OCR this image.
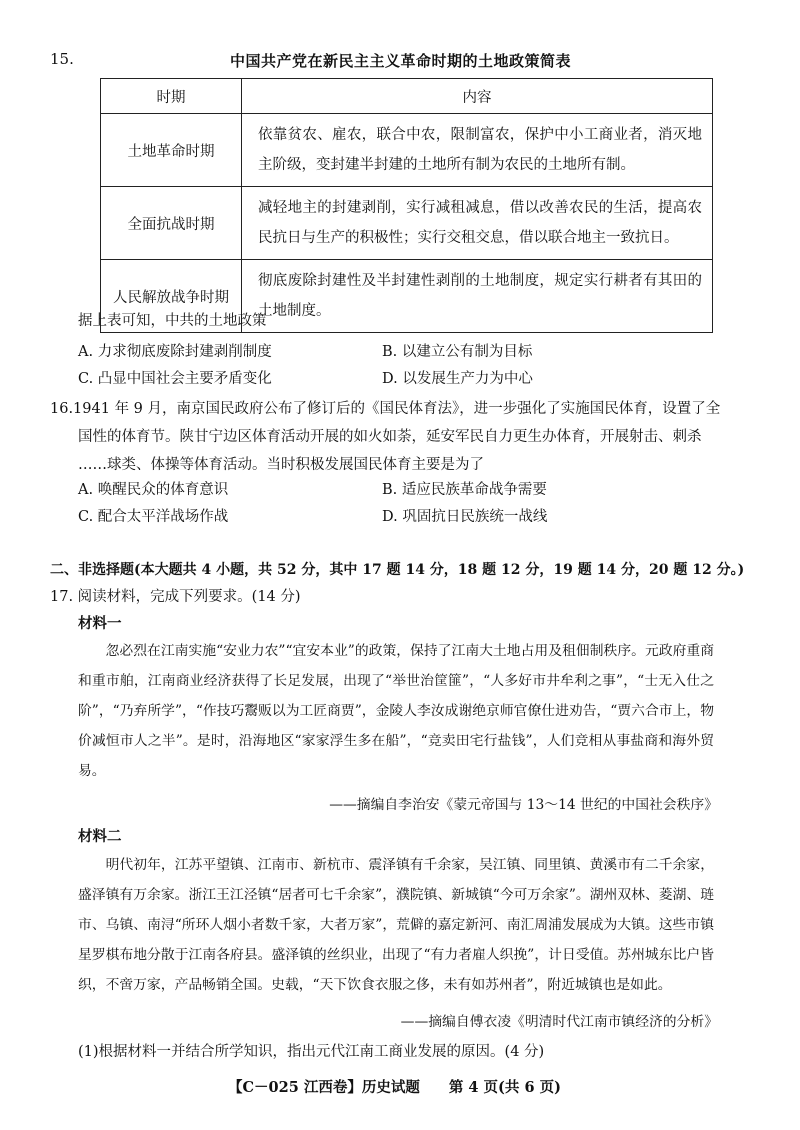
15.	中国共产党在新民主主义革命时期的土地政策简表
时期	内容
土地革命时期	依靠贫农、雇农，联合中农，限制富农，保护中小工商业者，消灭地主阶级，变封建半封建的土地所有制为农民的土地所有制。
全面抗战时期	减轻地主的封建剥削，实行减租减息，借以改善农民的生活，提高农民抗日与生产的积极性；实行交租交息，借以联合地主一致抗日。
人民解放战争时期	彻底废除封建性及半封建性剥削的土地制度，规定实行耕者有其田的土地制度。
据上表可知，中共的土地政策
A. 力求彻底废除封建剥削制度	B. 以建立公有制为目标
C. 凸显中国社会主要矛盾变化	D. 以发展生产力为中心
16.1941 年 9 月，南京国民政府公布了修订后的《国民体育法》，进一步强化了实施国民体育，设置了全
国性的体育节。陕甘宁边区体育活动开展的如火如荼，延安军民自力更生办体育，开展射击、刺杀
……球类、体操等体育活动。当时积极发展国民体育主要是为了
A. 唤醒民众的体育意识	B. 适应民族革命战争需要
C. 配合太平洋战场作战	D. 巩固抗日民族统一战线
二、非选择题(本大题共 4 小题，共 52 分，其中 17 题 14 分，18 题 12 分，19 题 14 分，20 题 12 分。)
17. 阅读材料，完成下列要求。(14 分)
材料一
忽必烈在江南实施“安业力农”“宜安本业”的政策，保持了江南大土地占用及租佃制秩序。元政府重商和重市舶，江南商业经济获得了长足发展，出现了“举世治筐篚”，“人多好市井牟利之事”，“士无入仕之阶”，“乃弃所学”，“作技巧鬻贩以为工匠商贾”，金陵人李汝成谢绝京师官僚仕进劝告，“贾六合市上，物价减恒市人之半”。是时，沿海地区“家家浮生多在船”，“竞卖田宅行盐钱”，人们竞相从事盐商和海外贸易。
——摘编自李治安《蒙元帝国与 13～14 世纪的中国社会秩序》
材料二
明代初年，江苏平望镇、江南市、新杭市、震泽镇有千余家，吴江镇、同里镇、黄溪市有二千余家，盛泽镇有万余家。浙江王江泾镇“居者可七千余家”，濮院镇、新城镇“今可万余家”。湖州双林、菱湖、琏市、乌镇、南浔“所环人烟小者数千家，大者万家”，荒僻的嘉定新河、南汇周浦发展成为大镇。这些市镇星罗棋布地分散于江南各府县。盛泽镇的丝织业，出现了“有力者雇人织挽”，计日受值。苏州城东比户皆织，不啻万家，产品畅销全国。史载，“天下饮食衣服之侈，未有如苏州者”，附近城镇也是如此。
——摘编自傅衣凌《明清时代江南市镇经济的分析》
(1)根据材料一并结合所学知识，指出元代江南工商业发展的原因。(4 分)
【C－025 江西卷】历史试题　　第 4 页(共 6 页)
